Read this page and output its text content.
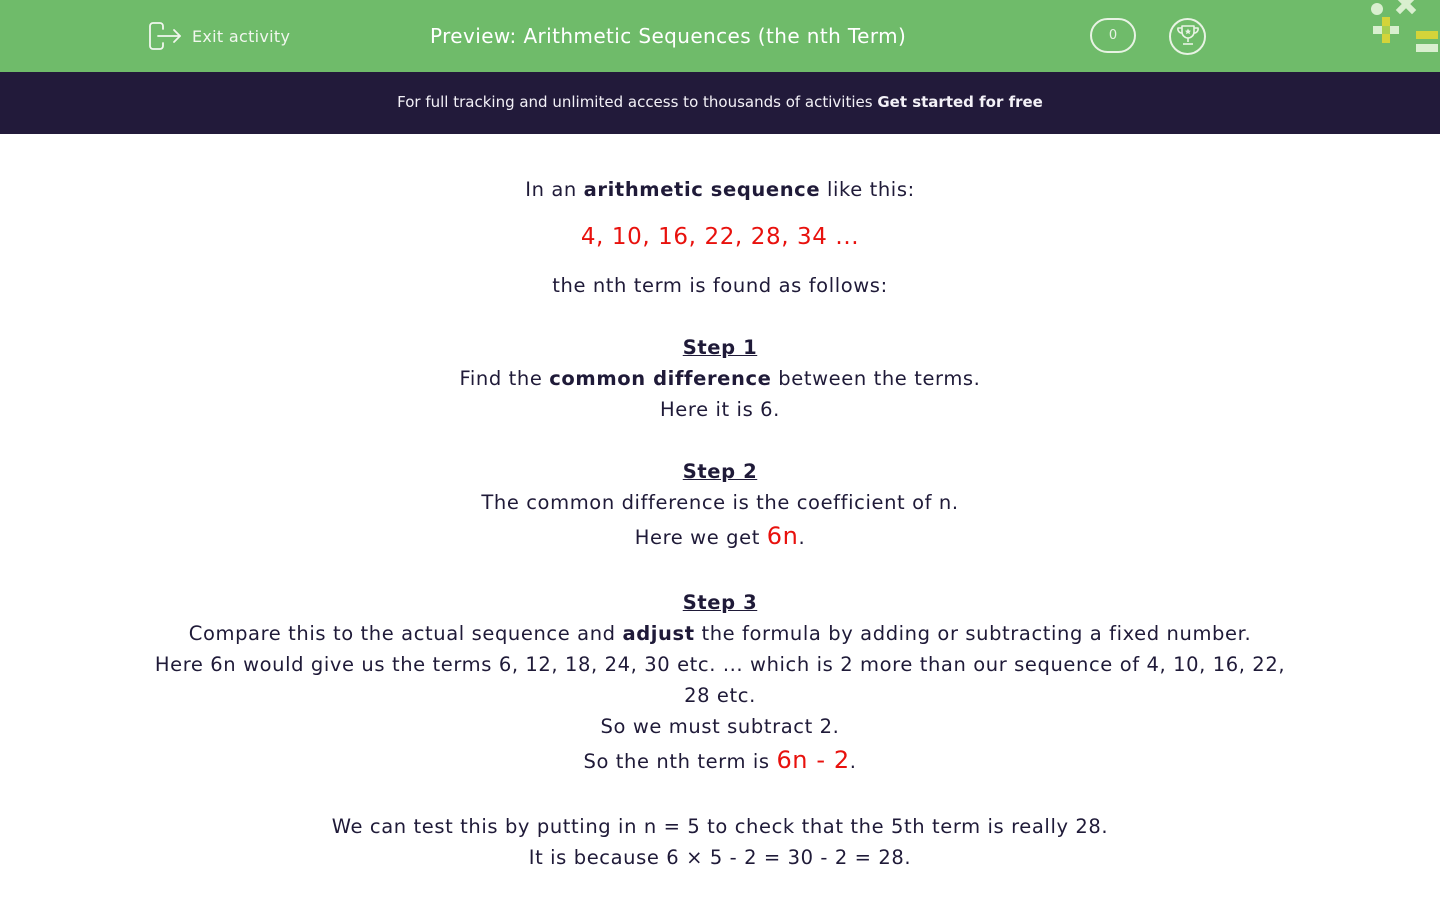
Exit activity	Preview: Arithmetic Sequences (the nth Term)	0
For full tracking and unlimited access to thousands of activities Get started for free
In an arithmetic sequence like this:
4, 10, 16, 22, 28, 34 ...
the nth term is found as follows:
Step 1
Find the common difference between the terms.
Here it is 6.
Step 2
The common difference is the coefficient of n.
Here we get 6n.
Step 3
Compare this to the actual sequence and adjust the formula by adding or subtracting a fixed number.
Here 6n would give us the terms 6, 12, 18, 24, 30 etc. ... which is 2 more than our sequence of 4, 10, 16, 22, 28 etc.
So we must subtract 2.
So the nth term is 6n - 2.
We can test this by putting in n = 5 to check that the 5th term is really 28.
It is because 6 × 5 - 2 = 30 - 2 = 28.
